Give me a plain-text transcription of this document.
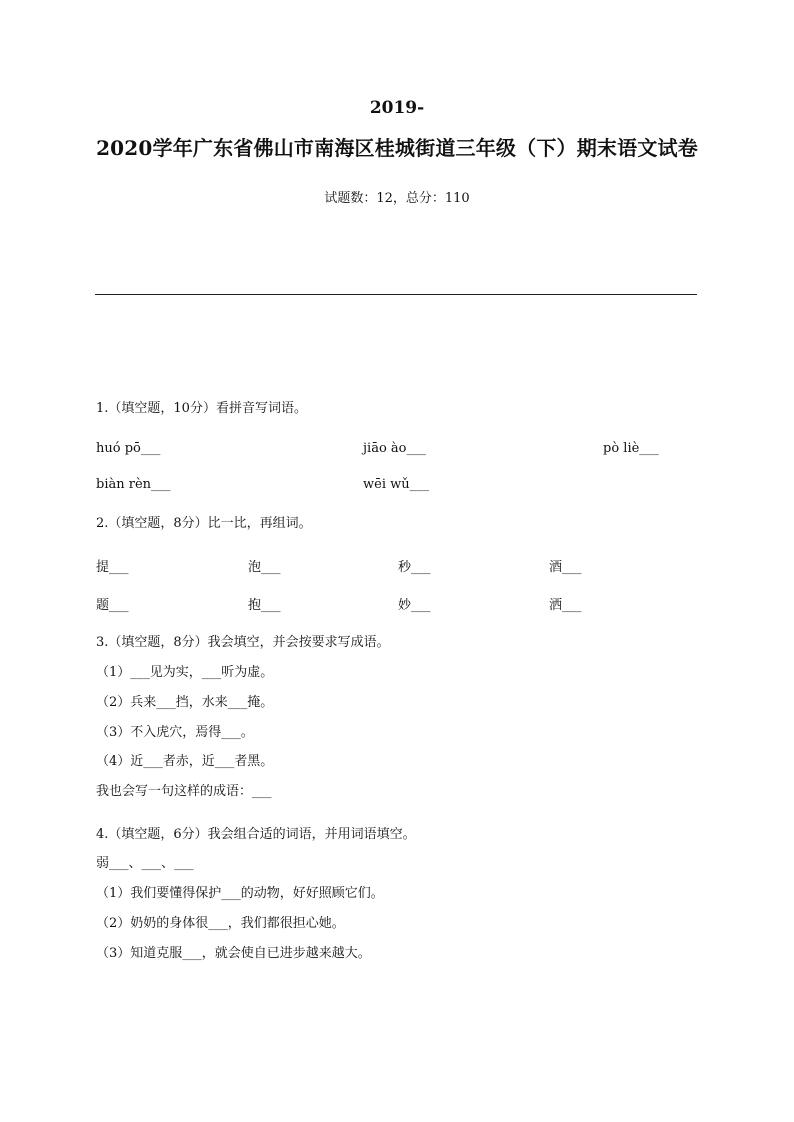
2019-
2020学年广东省佛山市南海区桂城街道三年级（下）期末语文试卷
试题数：12，总分：110
1.（填空题，10分）看拼音写词语。
huó pō___	jiāo ào___	pò liè___
biàn rèn___	wēi wǔ___
2.（填空题，8分）比一比，再组词。
提___	泡___	秒___	酒___
题___	抱___	妙___	洒___
3.（填空题，8分）我会填空，并会按要求写成语。
（1）___见为实，___听为虚。
（2）兵来___挡，水来___掩。
（3）不入虎穴，焉得___。
（4）近___者赤，近___者黑。
我也会写一句这样的成语：___
4.（填空题，6分）我会组合适的词语，并用词语填空。
弱___、___、___
（1）我们要懂得保护___的动物，好好照顾它们。
（2）奶奶的身体很___，我们都很担心她。
（3）知道克服___，就会使自已进步越来越大。
